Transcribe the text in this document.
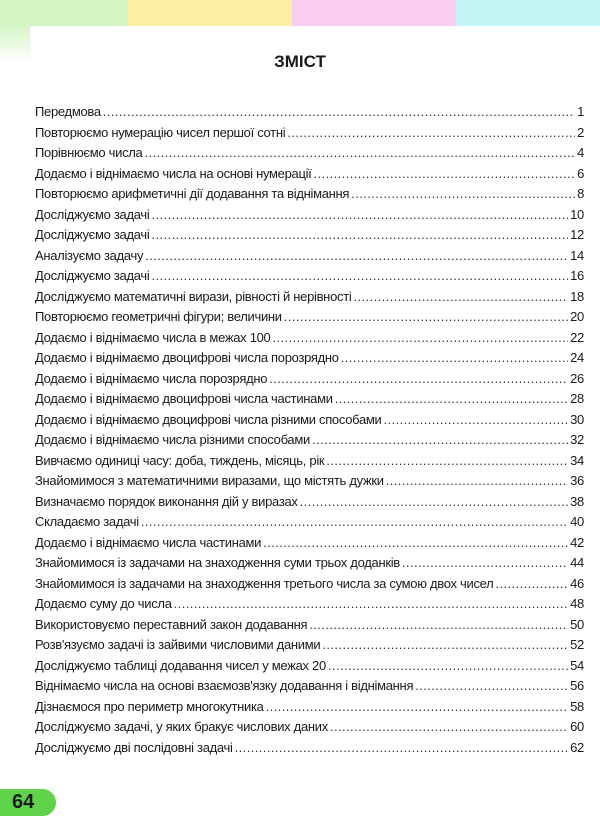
ЗМІСТ
Передмова . . .	1
Повторюємо нумерацію чисел першої сотні . . .	2
Порівнюємо числа . . .	4
Додаємо і віднімаємо числа на основі нумерації . . .	6
Повторюємо арифметичні дії додавання та віднімання . . .	8
Досліджуємо задачі . . .	10
Досліджуємо задачі . . .	12
Аналізуємо задачу . . .	14
Досліджуємо задачі . . .	16
Досліджуємо математичні вирази, рівності й нерівності . . .	18
Повторюємо геометричні фігури; величини . . .	20
Додаємо і віднімаємо числа в межах 100 . . .	22
Додаємо і віднімаємо двоцифрові числа порозрядно . . .	24
Додаємо і віднімаємо числа порозрядно . . .	26
Додаємо і віднімаємо двоцифрові числа частинами . . .	28
Додаємо і віднімаємо двоцифрові числа різними способами . . .	30
Додаємо і віднімаємо числа різними способами . . .	32
Вивчаємо одиниці часу: доба, тиждень, місяць, рік . . .	34
Знайомимося з математичними виразами, що містять дужки . . .	36
Визначаємо порядок виконання дій у виразах . . .	38
Складаємо задачі . . .	40
Додаємо і віднімаємо числа частинами . . .	42
Знайомимося із задачами на знаходження суми трьох доданків . . .	44
Знайомимося із задачами на знаходження третього числа за сумою двох чисел . . .	46
Додаємо суму до числа . . .	48
Використовуємо переставний закон додавання . . .	50
Розв'язуємо задачі із зайвими числовими даними . . .	52
Досліджуємо таблиці додавання чисел у межах 20 . . .	54
Віднімаємо числа на основі взаємозв'язку додавання і віднімання . . .	56
Дізнаємося про периметр многокутника . . .	58
Досліджуємо задачі, у яких бракує числових даних . . .	60
Досліджуємо дві послідовні задачі . . .	62
64
